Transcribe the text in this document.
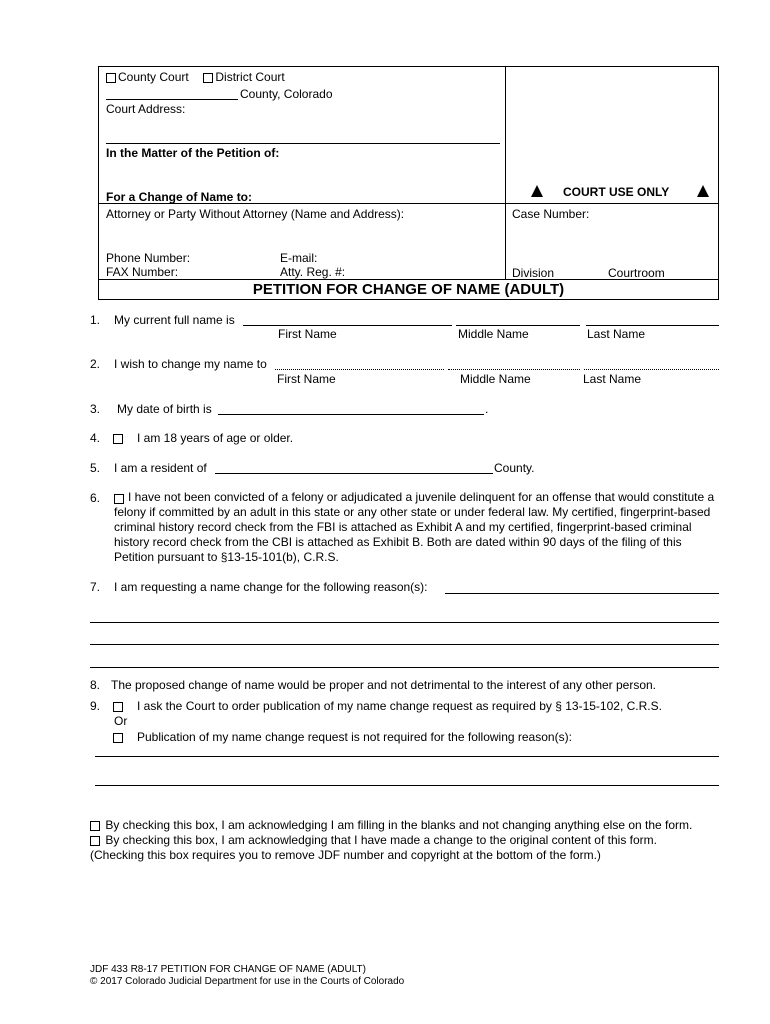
County Court District Court
County, Colorado
Court Address:
In the Matter of the Petition of:
For a Change of Name to:
Attorney or Party Without Attorney (Name and Address):
Phone Number:	E-mail:
FAX Number:	Atty. Reg. #:
COURT USE ONLY
Case Number:
Division	Courtroom
PETITION FOR CHANGE OF NAME (ADULT)
1. My current full name is
First Name	Middle Name	Last Name
2. I wish to change my name to
First Name	Middle Name	Last Name
3. My date of birth is	.
4.	I am 18 years of age or older.
5. I am a resident of	County.
6.	I have not been convicted of a felony or adjudicated a juvenile delinquent for an offense that would constitute a felony if committed by an adult in this state or any other state or under federal law. My certified, fingerprint-based criminal history record check from the FBI is attached as Exhibit A and my certified, fingerprint-based criminal history record check from the CBI is attached as Exhibit B. Both are dated within 90 days of the filing of this Petition pursuant to §13-15-101(b), C.R.S.
7. I am requesting a name change for the following reason(s):
8. The proposed change of name would be proper and not detrimental to the interest of any other person.
9.	I ask the Court to order publication of my name change request as required by § 13-15-102, C.R.S.
Or
Publication of my name change request is not required for the following reason(s):
By checking this box, I am acknowledging I am filling in the blanks and not changing anything else on the form.
By checking this box, I am acknowledging that I have made a change to the original content of this form.
(Checking this box requires you to remove JDF number and copyright at the bottom of the form.)
JDF 433 R8-17 PETITION FOR CHANGE OF NAME (ADULT)
© 2017 Colorado Judicial Department for use in the Courts of Colorado
